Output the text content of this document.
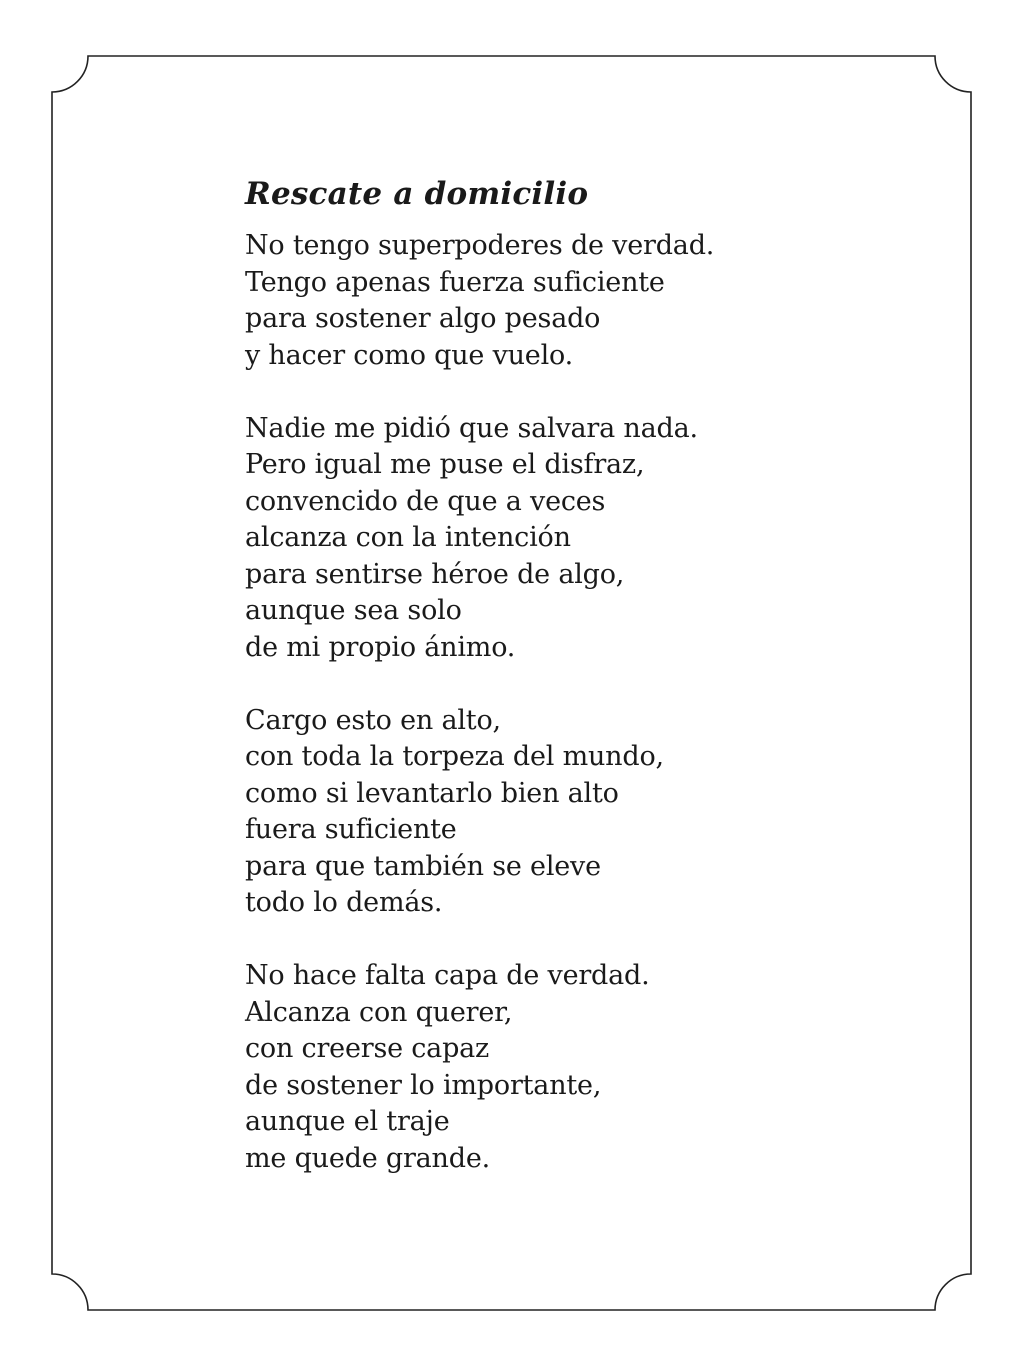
Rescate a domicilio
No tengo superpoderes de verdad.
Tengo apenas fuerza suficiente
para sostener algo pesado
y hacer como que vuelo.
Nadie me pidió que salvara nada.
Pero igual me puse el disfraz,
convencido de que a veces
alcanza con la intención
para sentirse héroe de algo,
aunque sea solo
de mi propio ánimo.
Cargo esto en alto,
con toda la torpeza del mundo,
como si levantarlo bien alto
fuera suficiente
para que también se eleve
todo lo demás.
No hace falta capa de verdad.
Alcanza con querer,
con creerse capaz
de sostener lo importante,
aunque el traje
me quede grande.
